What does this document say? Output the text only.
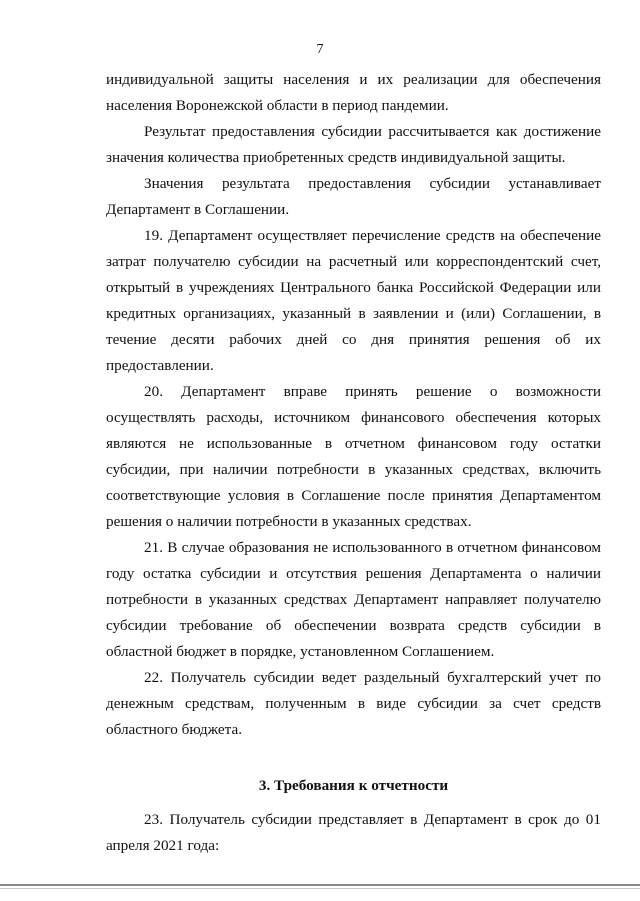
7

индивидуальной защиты населения и их реализации для обеспечения населения Воронежской области в период пандемии.

Результат предоставления субсидии рассчитывается как достижение значения количества приобретенных средств индивидуальной защиты.

Значения результата предоставления субсидии устанавливает Департамент в Соглашении.

19. Департамент осуществляет перечисление средств на обеспечение затрат получателю субсидии на расчетный или корреспондентский счет, открытый в учреждениях Центрального банка Российской Федерации или кредитных организациях, указанный в заявлении и (или) Соглашении, в течение десяти рабочих дней со дня принятия решения об их предоставлении.

20. Департамент вправе принять решение о возможности осуществлять расходы, источником финансового обеспечения которых являются не использованные в отчетном финансовом году остатки субсидии, при наличии потребности в указанных средствах, включить соответствующие условия в Соглашение после принятия Департаментом решения о наличии потребности в указанных средствах.

21. В случае образования не использованного в отчетном финансовом году остатка субсидии и отсутствия решения Департамента о наличии потребности в указанных средствах Департамент направляет получателю субсидии требование об обеспечении возврата средств субсидии в областной бюджет в порядке, установленном Соглашением.

22. Получатель субсидии ведет раздельный бухгалтерский учет по денежным средствам, полученным в виде субсидии за счет средств областного бюджета.

3. Требования к отчетности

23. Получатель субсидии представляет в Департамент в срок до 01 апреля 2021 года:
